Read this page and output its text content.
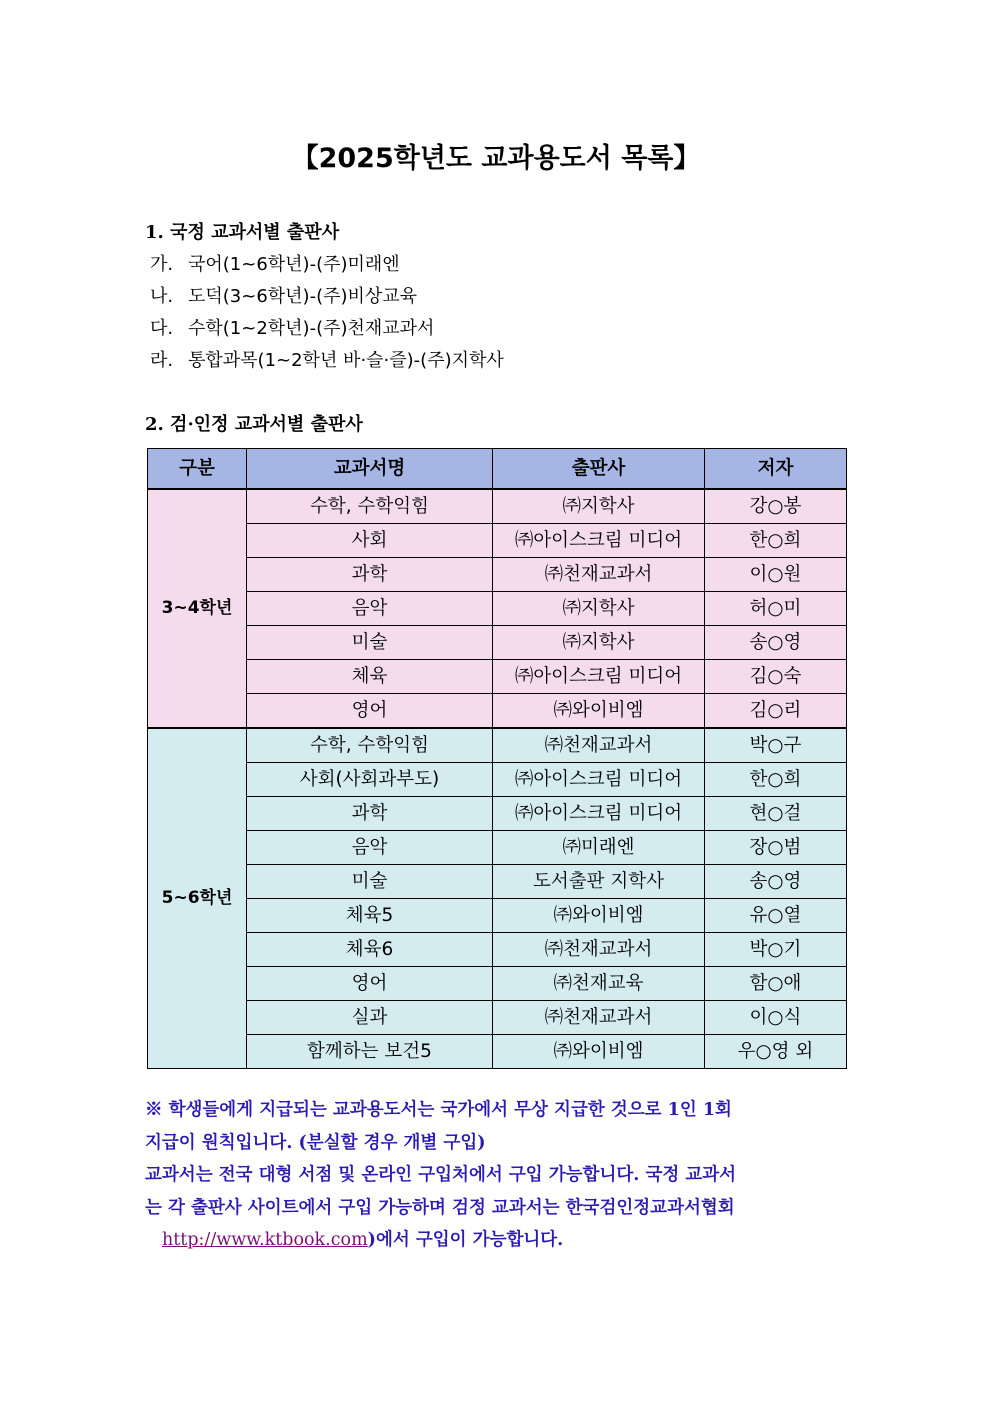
【2025학년도 교과용도서 목록】
1. 국정 교과서별 출판사
가. 국어(1~6학년)-(주)미래엔
나. 도덕(3~6학년)-(주)비상교육
다. 수학(1~2학년)-(주)천재교과서
라. 통합과목(1~2학년 바·슬·즐)-(주)지학사
2. 검·인정 교과서별 출판사
구분	교과서명	출판사	저자
3~4학년	수학, 수학익힘	㈜지학사	강○봉
	사회	㈜아이스크림 미디어	한○희
	과학	㈜천재교과서	이○원
	음악	㈜지학사	허○미
	미술	㈜지학사	송○영
	체육	㈜아이스크림 미디어	김○숙
	영어	㈜와이비엠	김○리
5~6학년	수학, 수학익힘	㈜천재교과서	박○구
	사회(사회과부도)	㈜아이스크림 미디어	한○희
	과학	㈜아이스크림 미디어	현○걸
	음악	㈜미래엔	장○범
	미술	도서출판 지학사	송○영
	체육5	㈜와이비엠	유○열
	체육6	㈜천재교과서	박○기
	영어	㈜천재교육	함○애
	실과	㈜천재교과서	이○식
	함께하는 보건5	㈜와이비엠	우○영 외
※ 학생들에게 지급되는 교과용도서는 국가에서 무상 지급한 것으로 1인 1회
지급이 원칙입니다. (분실할 경우 개별 구입)
교과서는 전국 대형 서점 및 온라인 구입처에서 구입 가능합니다. 국정 교과서
는 각 출판사 사이트에서 구입 가능하며 검정 교과서는 한국검인정교과서협회
http://www.ktbook.com)에서 구입이 가능합니다.
